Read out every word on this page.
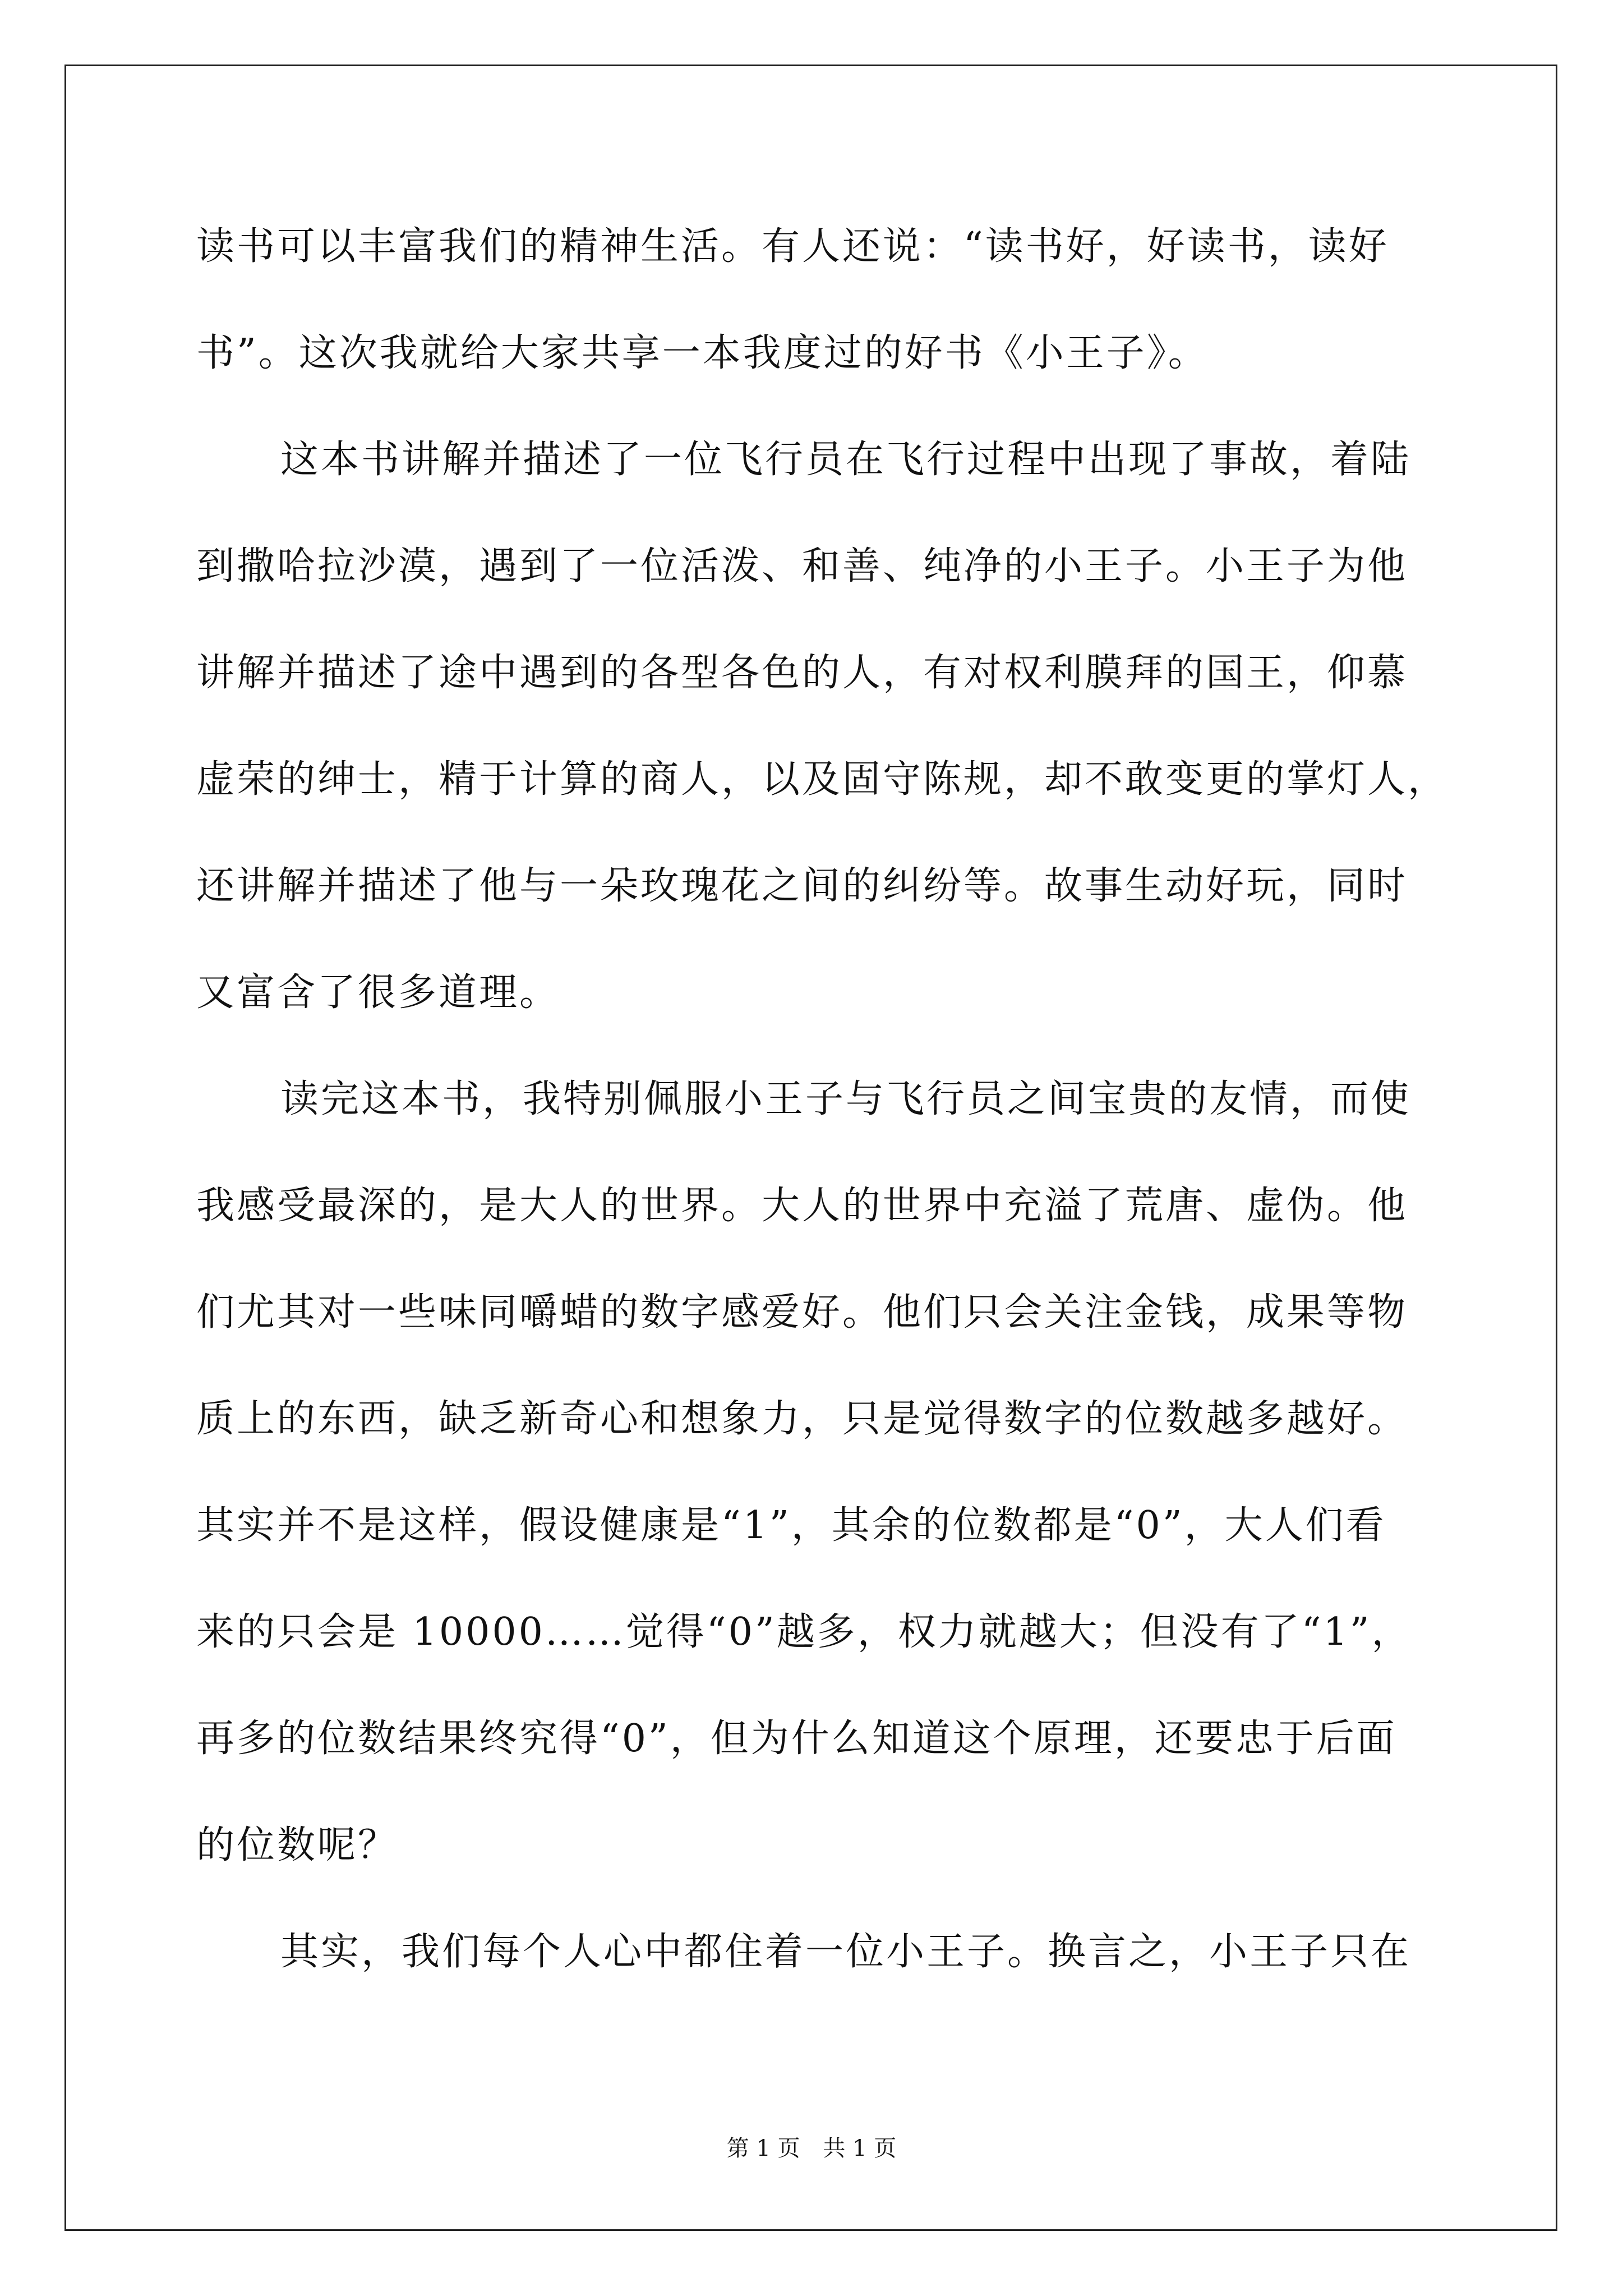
读书可以丰富我们的精神生活。有人还说：“读书好，好读书，读好
书”。这次我就给大家共享一本我度过的好书《小王子》。
这本书讲解并描述了一位飞行员在飞行过程中出现了事故，着陆
到撒哈拉沙漠，遇到了一位活泼、和善、纯净的小王子。小王子为他
讲解并描述了途中遇到的各型各色的人，有对权利膜拜的国王，仰慕
虚荣的绅士，精于计算的商人，以及固守陈规，却不敢变更的掌灯人，
还讲解并描述了他与一朵玫瑰花之间的纠纷等。故事生动好玩，同时
又富含了很多道理。
读完这本书，我特别佩服小王子与飞行员之间宝贵的友情，而使
我感受最深的，是大人的世界。大人的世界中充溢了荒唐、虚伪。他
们尤其对一些味同嚼蜡的数字感爱好。他们只会关注金钱，成果等物
质上的东西，缺乏新奇心和想象力，只是觉得数字的位数越多越好。
其实并不是这样，假设健康是“1”，其余的位数都是“0”，大人们看
来的只会是 10000……觉得“0”越多，权力就越大；但没有了“1”，
再多的位数结果终究得“0”，但为什么知道这个原理，还要忠于后面
的位数呢？
其实，我们每个人心中都住着一位小王子。换言之，小王子只在
第 1 页 共 1 页
